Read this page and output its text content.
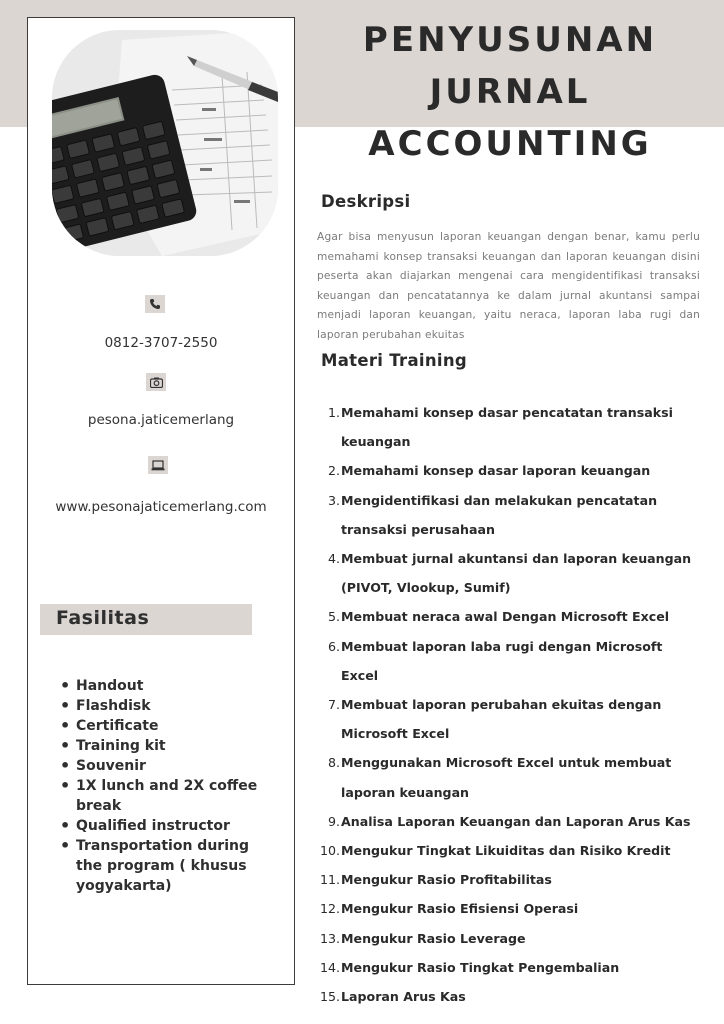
0812-3707-2550
pesona.jaticemerlang
www.pesonajaticemerlang.com
Fasilitas
• Handout
• Flashdisk
• Certificate
• Training kit
• Souvenir
• 1X lunch and 2X coffee break
• Qualified instructor
• Transportation during the program ( khusus yogyakarta)
PENYUSUNAN
JURNAL
ACCOUNTING
Deskripsi
Agar bisa menyusun laporan keuangan dengan benar, kamu perlu memahami konsep transaksi keuangan dan laporan keuangan disini peserta akan diajarkan mengenai cara mengidentifikasi transaksi keuangan dan pencatatannya ke dalam jurnal akuntansi sampai menjadi laporan keuangan, yaitu neraca, laporan laba rugi dan laporan perubahan ekuitas
Materi Training
1. Memahami konsep dasar pencatatan transaksi keuangan
2. Memahami konsep dasar laporan keuangan
3. Mengidentifikasi dan melakukan pencatatan transaksi perusahaan
4. Membuat jurnal akuntansi dan laporan keuangan (PIVOT, Vlookup, Sumif)
5. Membuat neraca awal Dengan Microsoft Excel
6. Membuat laporan laba rugi dengan Microsoft Excel
7. Membuat laporan perubahan ekuitas dengan Microsoft Excel
8. Menggunakan Microsoft Excel untuk membuat laporan keuangan
9. Analisa Laporan Keuangan dan Laporan Arus Kas
10. Mengukur Tingkat Likuiditas dan Risiko Kredit
11. Mengukur Rasio Profitabilitas
12. Mengukur Rasio Efisiensi Operasi
13. Mengukur Rasio Leverage
14. Mengukur Rasio Tingkat Pengembalian
15. Laporan Arus Kas
